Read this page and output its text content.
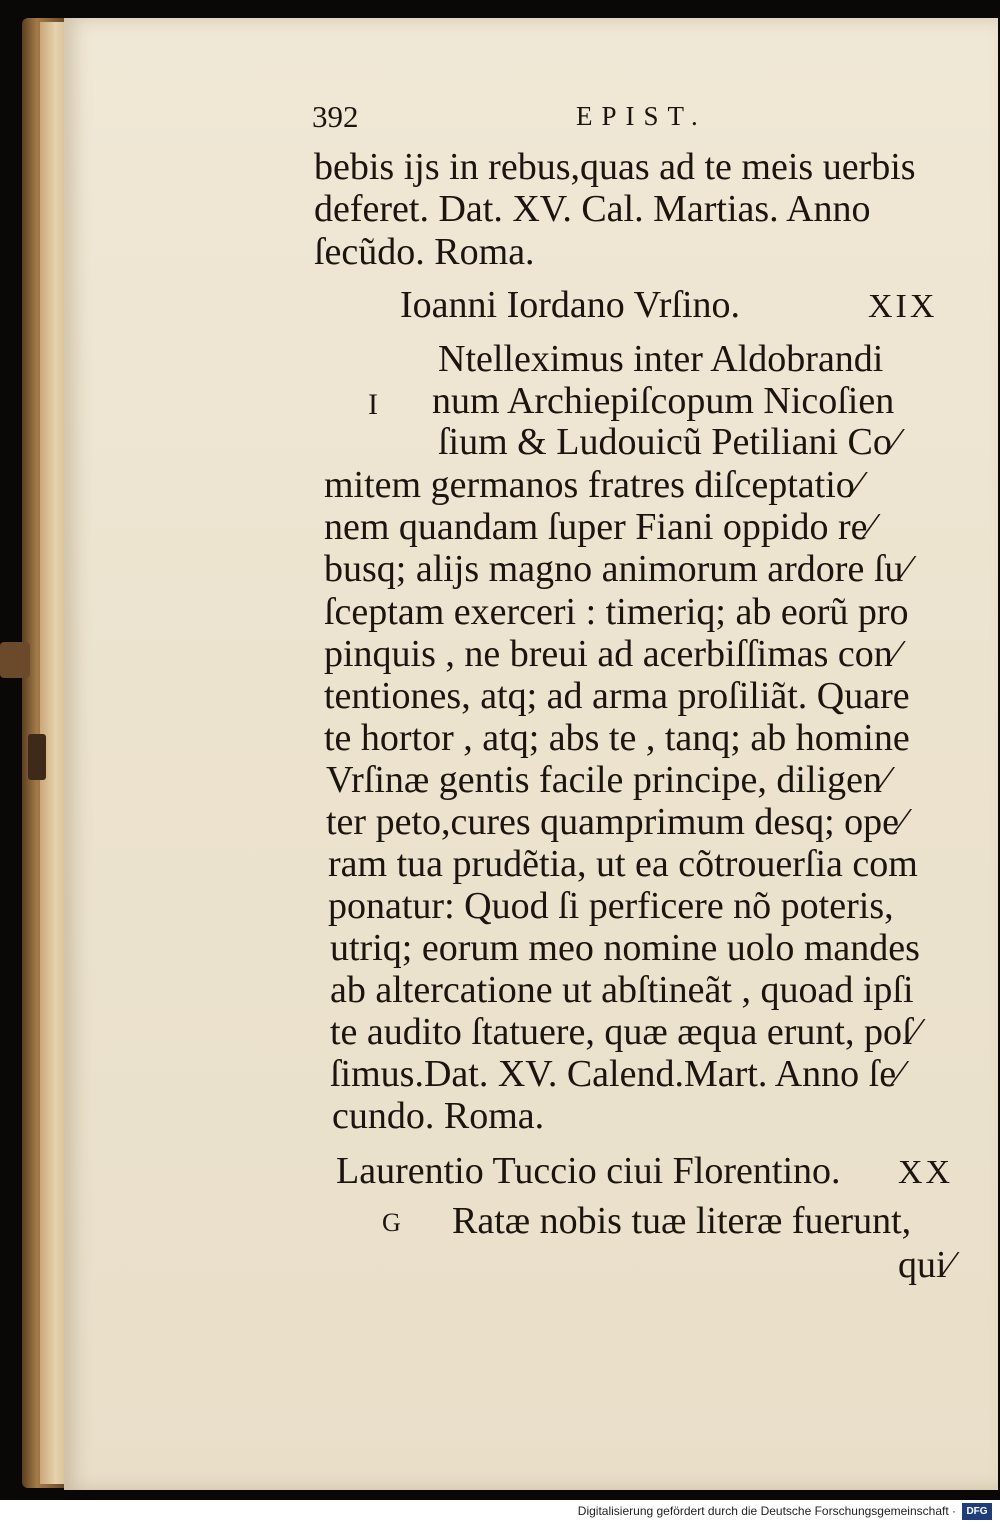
392	EPIST.
bebis ijs in rebus,quas ad te meis uerbis
deferet. Dat. XV. Cal. Martias. Anno
ſecũdo. Roma.
Ioanni Iordano Vrſino.	XIX
I
Ntelleximus inter Aldobrandi
num Archiepiſcopum Nicoſien
ſium & Ludouicũ Petiliani Co⁄
mitem germanos fratres diſceptatio⁄
nem quandam ſuper Fiani oppido re⁄
busq; alijs magno animorum ardore ſu⁄
ſceptam exerceri : timeriq; ab eorũ pro
pinquis , ne breui ad acerbiſſimas con⁄
tentiones, atq; ad arma proſiliãt. Quare
te hortor , atq; abs te , tanq; ab homine
Vrſinæ gentis facile principe, diligen⁄
ter peto,cures quamprimum desq; ope⁄
ram tua prudẽtia, ut ea cõtrouerſia com
ponatur: Quod ſi perficere nõ poteris,
utriq; eorum meo nomine uolo mandes
ab altercatione ut abſtineãt , quoad ipſi
te audito ſtatuere, quæ æqua erunt, poſ⁄
ſimus.Dat. XV. Calend.Mart. Anno ſe⁄
cundo. Roma.
Laurentio Tuccio ciui Florentino. XX
G Ratæ nobis tuæ literæ fuerunt,
qui⁄
Digitalisierung gefördert durch die Deutsche Forschungsgemeinschaft ·	DFG
